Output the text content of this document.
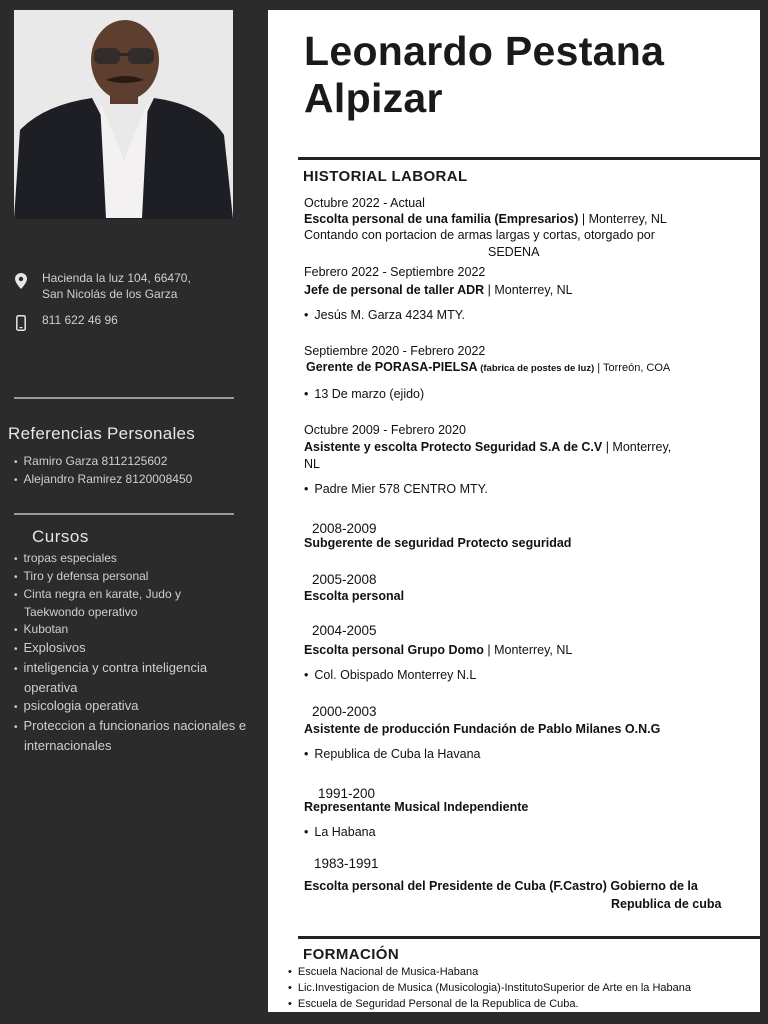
Hacienda la luz 104, 66470,
San Nicolás de los Garza
811 622 46 96
Referencias Personales
• Ramiro Garza 8112125602
• Alejandro Ramirez 8120008450
Cursos
• tropas especiales
• Tiro y defensa personal
• Cinta negra en karate, Judo y Taekwondo operativo
• Kubotan
• Explosivos
• inteligencia y contra inteligencia operativa
• psicologia operativa
• Proteccion a funcionarios nacionales e internacionales
Leonardo Pestana Alpizar
HISTORIAL LABORAL
Octubre 2022 - Actual
Escolta personal de una familia (Empresarios) | Monterrey, NL
Contando con portacion de armas largas y cortas, otorgado por
SEDENA
Febrero 2022 - Septiembre 2022
Jefe de personal de taller ADR | Monterrey, NL
• Jesús M. Garza 4234 MTY.
Septiembre 2020 - Febrero 2022
Gerente de PORASA-PIELSA (fabrica de postes de luz) | Torreón, COA
• 13 De marzo (ejido)
Octubre 2009 - Febrero 2020
Asistente y escolta Protecto Seguridad S.A de C.V | Monterrey,
NL
• Padre Mier 578 CENTRO MTY.
2008-2009
Subgerente de seguridad Protecto seguridad
2005-2008
Escolta personal
2004-2005
Escolta personal Grupo Domo | Monterrey, NL
• Col. Obispado Monterrey N.L
2000-2003
Asistente de producción Fundación de Pablo Milanes O.N.G
• Republica de Cuba la Havana
1991-200
Representante Musical Independiente
• La Habana
1983-1991
Escolta personal del Presidente de Cuba (F.Castro) Gobierno de la
Republica de cuba
FORMACIÓN
• Escuela Nacional de Musica-Habana
• Lic.Investigacion de Musica (Musicologia)-InstitutoSuperior de Arte en la Habana
• Escuela de Seguridad Personal de la Republica de Cuba.
